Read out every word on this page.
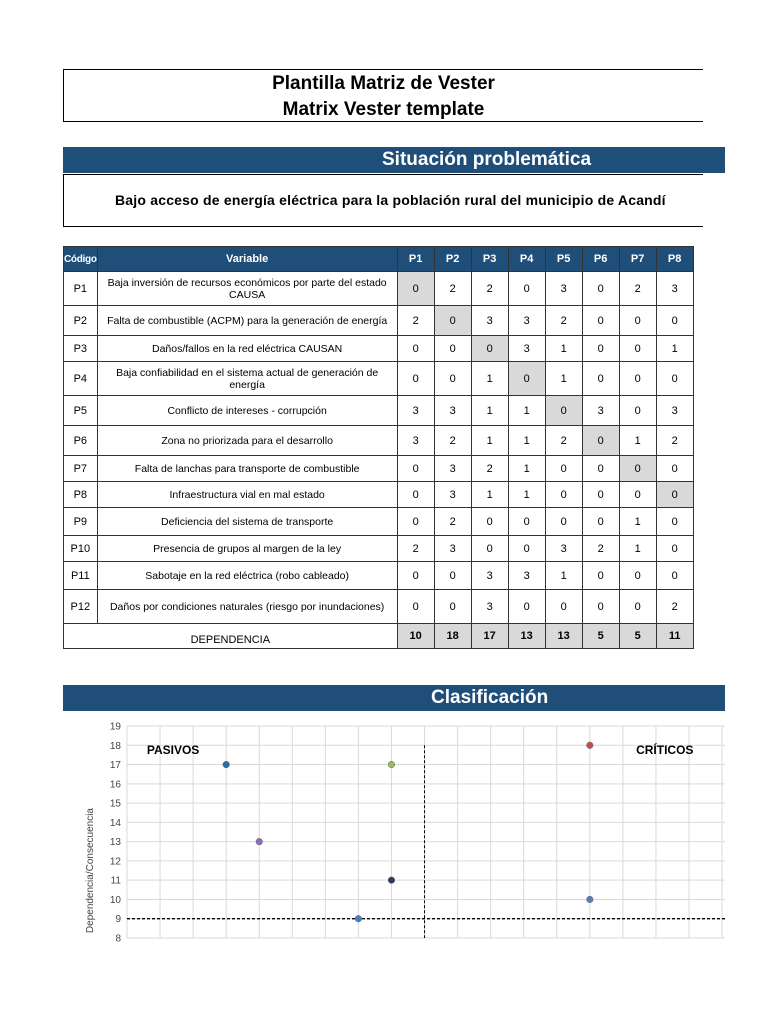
Plantilla Matriz de Vester
Matrix Vester template
Situación problemática
Bajo acceso de energía eléctrica para la población rural del municipio de Acandí
Código	Variable	P1	P2	P3	P4	P5	P6	P7	P8
P1	Baja inversión de recursos económicos por parte del estado CAUSA	0	2	2	0	3	0	2	3
P2	Falta de combustible (ACPM) para la generación de energía	2	0	3	3	2	0	0	0
P3	Daños/fallos en la red eléctrica CAUSAN	0	0	0	3	1	0	0	1
P4	Baja confiabilidad en el sistema actual de generación de energía	0	0	1	0	1	0	0	0
P5	Conflicto de intereses - corrupción	3	3	1	1	0	3	0	3
P6	Zona no priorizada para el desarrollo	3	2	1	1	2	0	1	2
P7	Falta de lanchas para transporte de combustible	0	3	2	1	0	0	0	0
P8	Infraestructura vial en mal estado	0	3	1	1	0	0	0	0
P9	Deficiencia del sistema de transporte	0	2	0	0	0	0	1	0
P10	Presencia de grupos al margen de la ley	2	3	0	0	3	2	1	0
P11	Sabotaje en la red eléctrica (robo cableado)	0	0	3	3	1	0	0	0
P12	Daños por condiciones naturales (riesgo por inundaciones)	0	0	3	0	0	0	0	2
DEPENDENCIA		10	18	17	13	13	5	5	11
Clasificación
8
9
10
11
12
13
14
15
16
17
18
19
Dependencia/Consecuencia
PASIVOS	CRÍTICOS
